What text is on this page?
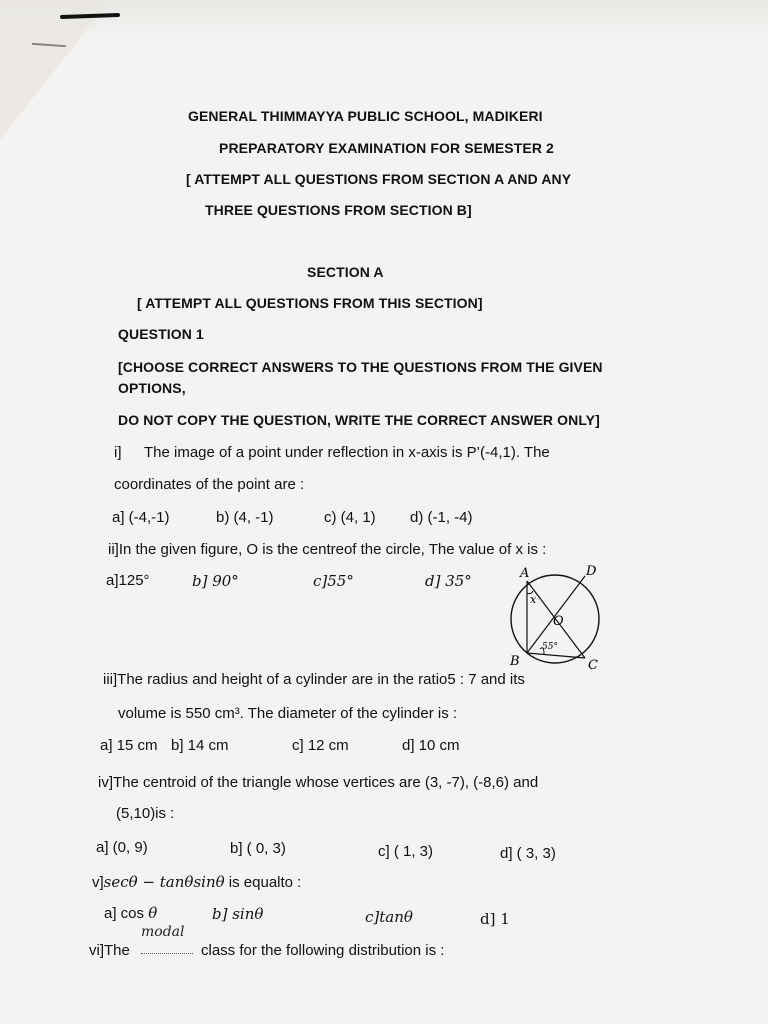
GENERAL THIMMAYYA PUBLIC SCHOOL, MADIKERI
PREPARATORY EXAMINATION FOR SEMESTER 2
[ ATTEMPT ALL QUESTIONS FROM SECTION A AND ANY
THREE QUESTIONS FROM SECTION B]
SECTION A
[ ATTEMPT ALL QUESTIONS FROM THIS SECTION]
QUESTION 1
[CHOOSE CORRECT ANSWERS TO THE QUESTIONS FROM THE GIVEN
OPTIONS,
DO NOT COPY THE QUESTION, WRITE THE CORRECT ANSWER ONLY]
i] The image of a point under reflection in x-axis is P’(-4,1). The
coordinates of the point are :
a] (-4,-1)	b) (4, -1)	c) (4, 1) d) (-1, -4)
ii]In the given figure, O is the centreof the circle, The value of x is :
a]125°	b] 90°	c]55°	d] 35°	A	D
O
B	C
x
55°
iii]The radius and height of a cylinder are in the ratio5 : 7 and its
volume is 550 cm³. The diameter of the cylinder is :
a] 15 cm b] 14 cm	c] 12 cm	d] 10 cm
iv]The centroid of the triangle whose vertices are (3, -7), (-8,6) and
(5,10)is :
a] (0, 9)	b] ( 0, 3)	c] ( 1, 3)	d] ( 3, 3)
v]secθ − tanθsinθ is equalto :
a] cos θ	b] sinθ	c]tanθ	d] 1
vi]The
modal
class for the following distribution is :
